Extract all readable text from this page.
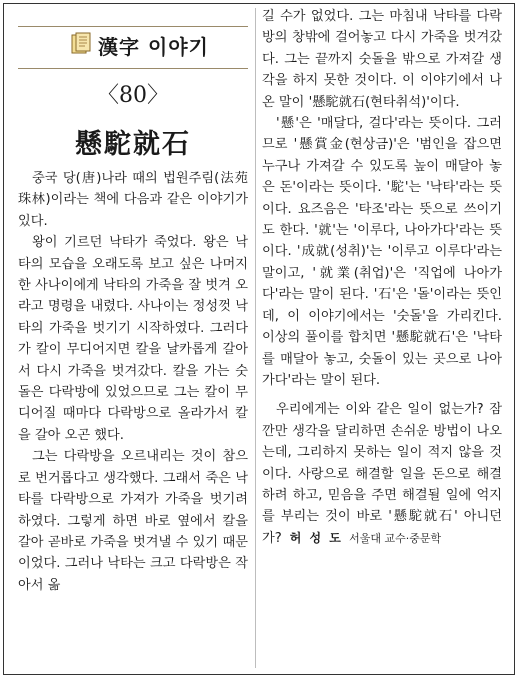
漢字 이야기
〈80〉
懸駝就石

중국 당(唐)나라 때의 법원주림(法苑珠林)이라는 책에 다음과 같은 이야기가 있다.

왕이 기르던 낙타가 죽었다. 왕은 낙타의 모습을 오래도록 보고 싶은 나머지 한 사나이에게 낙타의 가죽을 잘 벗겨 오라고 명령을 내렸다. 사나이는 정성껏 낙타의 가죽을 벗기기 시작하였다. 그러다가 칼이 무디어지면 칼을 날카롭게 갈아서 다시 가죽을 벗겨갔다. 칼을 가는 숫돌은 다락방에 있었으므로 그는 칼이 무디어질 때마다 다락방으로 올라가서 칼을 갈아 오곤 했다.

그는 다락방을 오르내리는 것이 참으로 번거롭다고 생각했다. 그래서 죽은 낙타를 다락방으로 가져가 가죽을 벗기려 하였다. 그렇게 하면 바로 옆에서 칼을 갈아 곧바로 가죽을 벗겨낼 수 있기 때문이었다. 그러나 낙타는 크고 다락방은 작아서 옮

길 수가 없었다. 그는 마침내 낙타를 다락방의 창밖에 걸어놓고 다시 가죽을 벗겨갔다. 그는 끝까지 숫돌을 밖으로 가져갈 생각을 하지 못한 것이다. 이 이야기에서 나온 말이 '懸駝就石(현타취석)'이다.

'懸'은 '매달다, 걸다'라는 뜻이다. 그러므로 '懸賞金(현상금)'은 '범인을 잡으면 누구나 가져갈 수 있도록 높이 매달아 놓은 돈'이라는 뜻이다. '駝'는 '낙타'라는 뜻이다. 요즈음은 '타조'라는 뜻으로 쓰이기도 한다. '就'는 '이루다, 나아가다'라는 뜻이다. '成就(성취)'는 '이루고 이루다'라는 말이고, '就業(취업)'은 '직업에 나아가다'라는 말이 된다. '石'은 '돌'이라는 뜻인데, 이 이야기에서는 '숫돌'을 가리킨다. 이상의 풀이를 합치면 '懸駝就石'은 '낙타를 매달아 놓고, 숫돌이 있는 곳으로 나아가다'라는 말이 된다.

우리에게는 이와 같은 일이 없는가? 잠깐만 생각을 달리하면 손쉬운 방법이 나오는데, 그리하지 못하는 일이 적지 않을 것이다. 사랑으로 해결할 일을 돈으로 해결하려 하고, 믿음을 주면 해결될 일에 억지를 부리는 것이 바로 '懸駝就石' 아니던가? 허 성 도 서울대 교수·중문학
